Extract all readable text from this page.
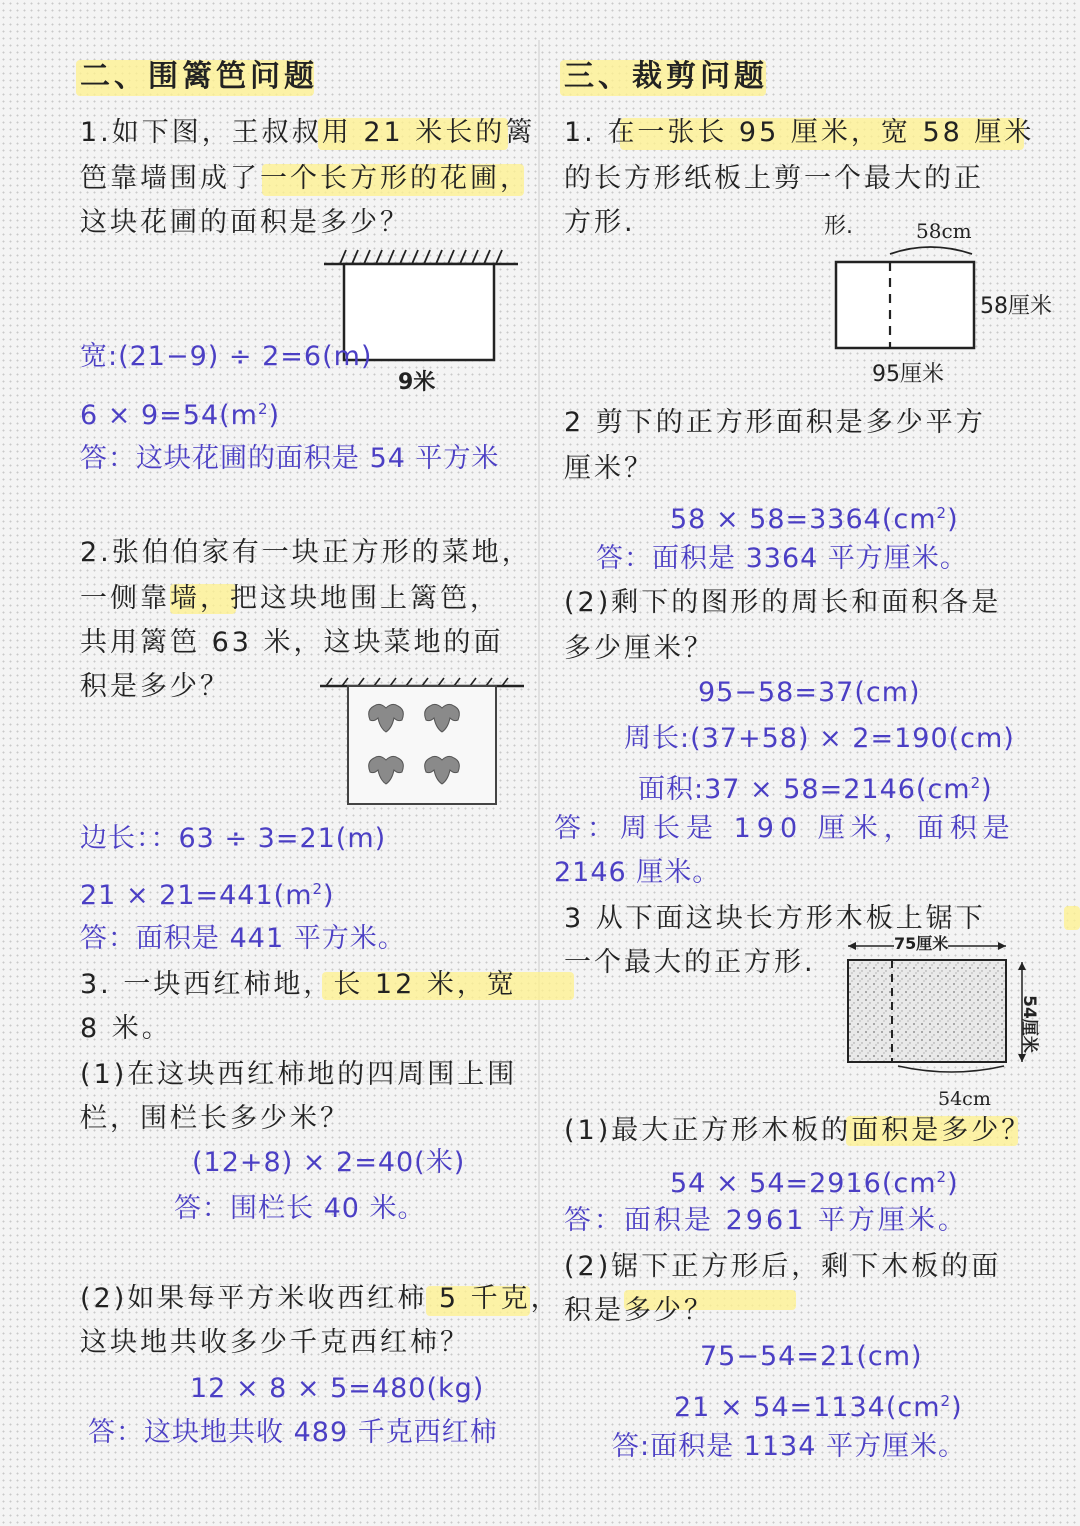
二、围篱笆问题
1.如下图，王叔叔用 21 米长的篱
笆靠墙围成了一个长方形的花圃，
这块花圃的面积是多少？
9米
宽:(21−9) ÷ 2=6(m)
$6 \times 9=54(m^2)$
答：这块花圃的面积是 54 平方米
2.张伯伯家有一块正方形的菜地，
一侧靠墙，把这块地围上篱笆，
共用篱笆 63 米，这块菜地的面
积是多少？
边长：：63 ÷ 3=21(m)
$21 \times 21=441(m^2)$
答：面积是 441 平方米。
3. 一块西红柿地，长 12 米，宽
8 米。
(1)在这块西红柿地的四周围上围
栏，围栏长多少米？
(12+8) × 2=40(米)
答：围栏长 40 米。
(2)如果每平方米收西红柿 5 千克，
这块地共收多少千克西红柿？
12 × 8 × 5=480(kg)
答：这块地共收 489 千克西红柿
三、裁剪问题
1. 在一张长 95 厘米，宽 58 厘米
的长方形纸板上剪一个最大的正
方形.	形.	58cm
58厘米
95厘米
2 剪下的正方形面积是多少平方
厘米？
$58 \times 58=3364(cm^2)$
答：面积是 3364 平方厘米。
(2)剩下的图形的周长和面积各是
多少厘米？
95−58=37(cm)
周长:(37+58) × 2=190(cm)
面积:37 × $58=2146(cm^2)$
答：周长是 190 厘米，面积是
2146 厘米。
3 从下面这块长方形木板上锯下
一个最大的正方形.
75厘米
54厘米
54cm
(1)最大正方形木板的面积是多少？
$54 \times 54=2916(cm^2)$
答：面积是 2961 平方厘米。
(2)锯下正方形后，剩下木板的面
积是多少？
75−54=21(cm)
$21 \times 54=1134(cm^2)$
答:面积是 1134 平方厘米。
